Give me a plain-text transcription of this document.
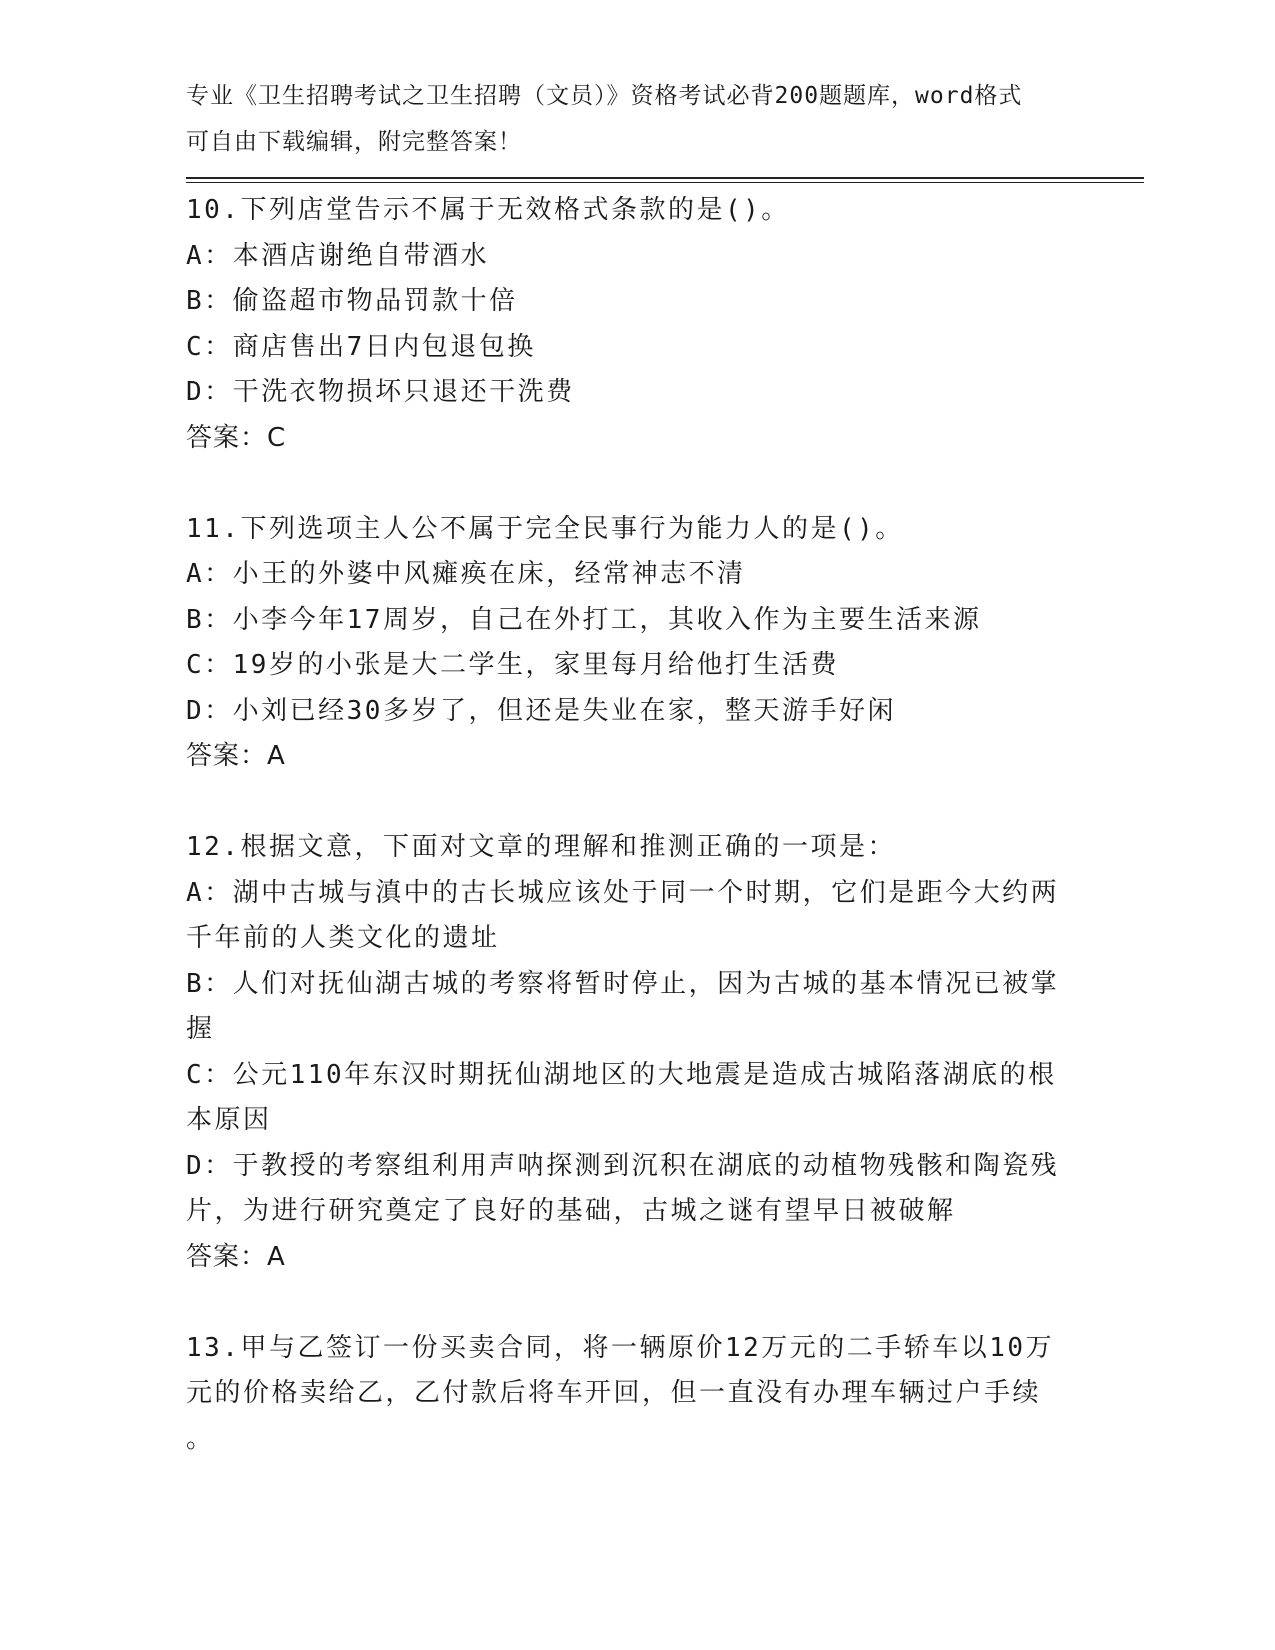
专业《卫生招聘考试之卫生招聘（文员）》资格考试必背200题题库，word格式
可自由下载编辑，附完整答案！
10.下列店堂告示不属于无效格式条款的是()。
A：本酒店谢绝自带酒水
B：偷盗超市物品罚款十倍
C：商店售出7日内包退包换
D：干洗衣物损坏只退还干洗费
答案：C
11.下列选项主人公不属于完全民事行为能力人的是()。
A：小王的外婆中风瘫痪在床，经常神志不清
B：小李今年17周岁，自己在外打工，其收入作为主要生活来源
C：19岁的小张是大二学生，家里每月给他打生活费
D：小刘已经30多岁了，但还是失业在家，整天游手好闲
答案：A
12.根据文意，下面对文章的理解和推测正确的一项是：
A：湖中古城与滇中的古长城应该处于同一个时期，它们是距今大约两
千年前的人类文化的遗址
B：人们对抚仙湖古城的考察将暂时停止，因为古城的基本情况已被掌
握
C：公元110年东汉时期抚仙湖地区的大地震是造成古城陷落湖底的根
本原因
D：于教授的考察组利用声呐探测到沉积在湖底的动植物残骸和陶瓷残
片，为进行研究奠定了良好的基础，古城之谜有望早日被破解
答案：A
13.甲与乙签订一份买卖合同，将一辆原价12万元的二手轿车以10万
元的价格卖给乙，乙付款后将车开回，但一直没有办理车辆过户手续
。
